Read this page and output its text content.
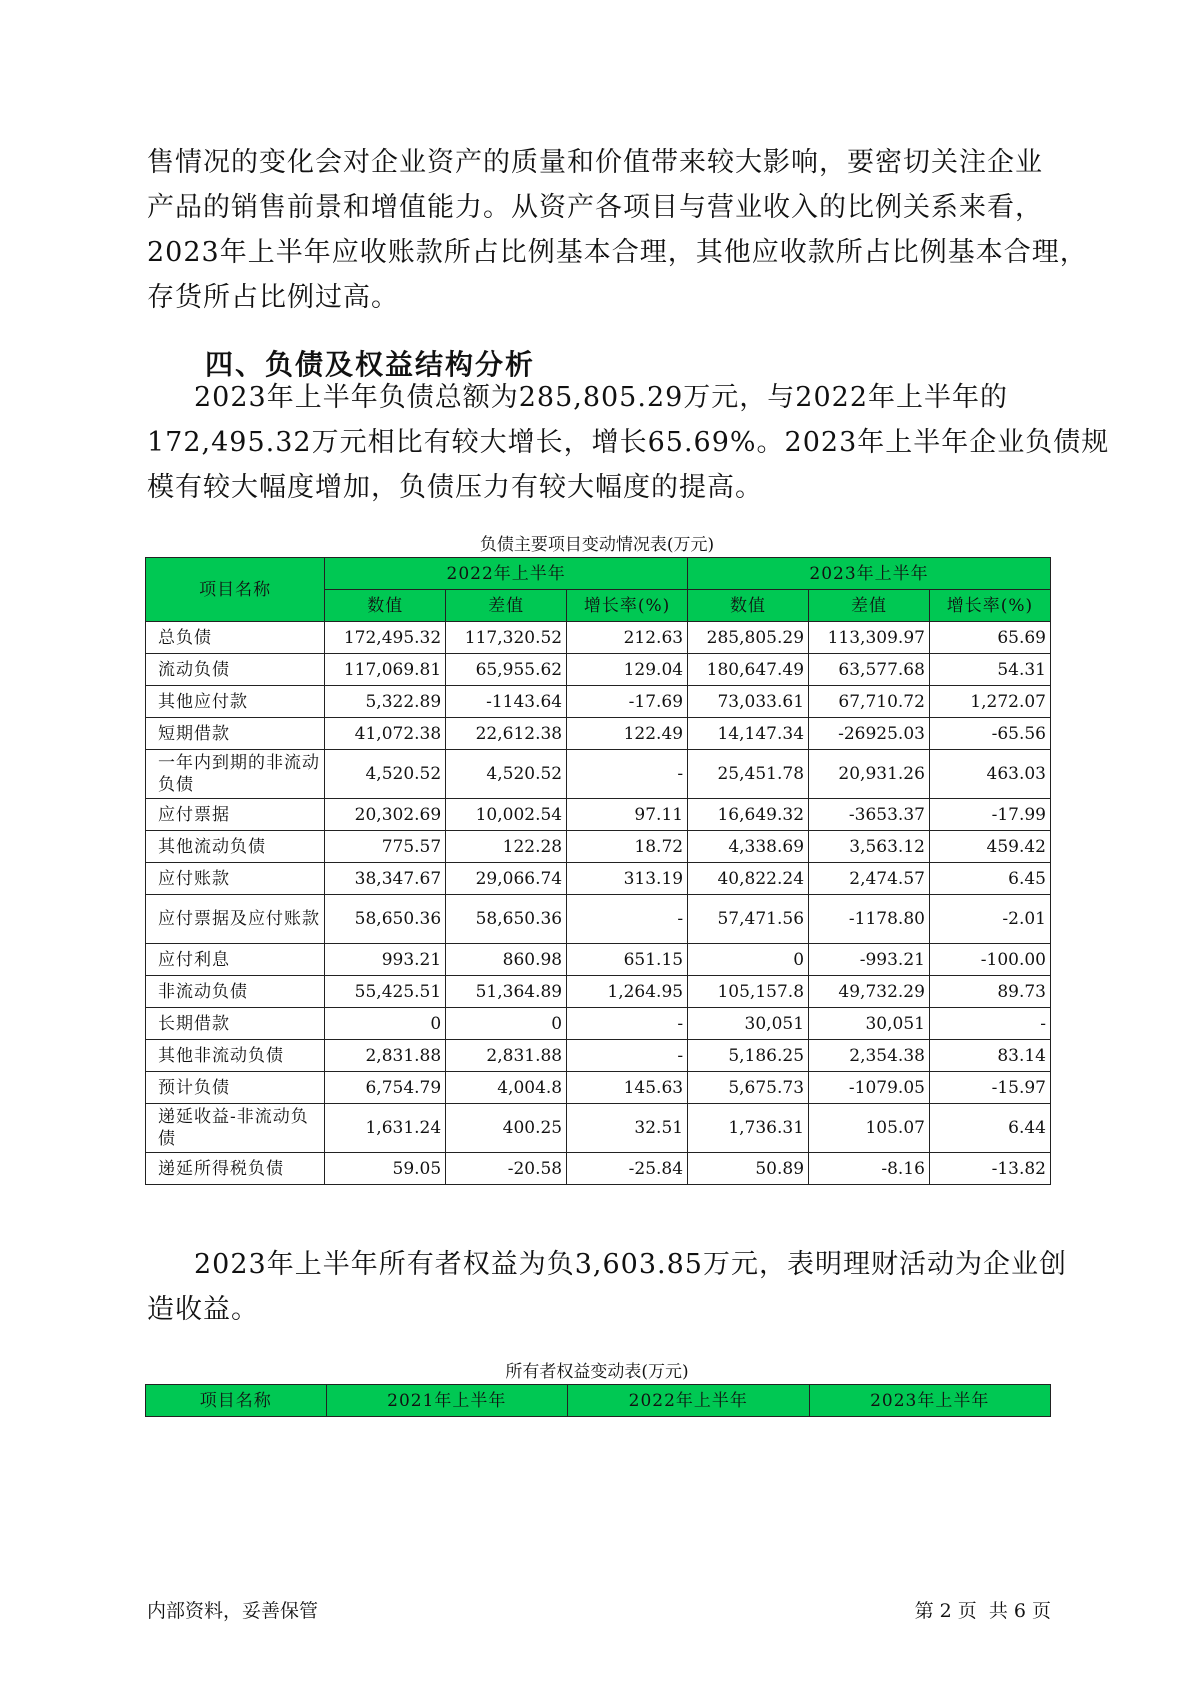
售情况的变化会对企业资产的质量和价值带来较大影响，要密切关注企业
产品的销售前景和增值能力。从资产各项目与营业收入的比例关系来看，
2023年上半年应收账款所占比例基本合理，其他应收款所占比例基本合理，
存货所占比例过高。

四、负债及权益结构分析

2023年上半年负债总额为285,805.29万元，与2022年上半年的
172,495.32万元相比有较大增长，增长65.69%。2023年上半年企业负债规
模有较大幅度增加，负债压力有较大幅度的提高。

负债主要项目变动情况表(万元)

项目名称	2022年上半年			2023年上半年		
	数值	差值	增长率(%)	数值	差值	增长率(%)
总负债	172,495.32	117,320.52	212.63	285,805.29	113,309.97	65.69
流动负债	117,069.81	65,955.62	129.04	180,647.49	63,577.68	54.31
其他应付款	5,322.89	-1143.64	-17.69	73,033.61	67,710.72	1,272.07
短期借款	41,072.38	22,612.38	122.49	14,147.34	-26925.03	-65.56
一年内到期的非流动负债	4,520.52	4,520.52	-	25,451.78	20,931.26	463.03
应付票据	20,302.69	10,002.54	97.11	16,649.32	-3653.37	-17.99
其他流动负债	775.57	122.28	18.72	4,338.69	3,563.12	459.42
应付账款	38,347.67	29,066.74	313.19	40,822.24	2,474.57	6.45
应付票据及应付账款	58,650.36	58,650.36	-	57,471.56	-1178.80	-2.01
应付利息	993.21	860.98	651.15	0	-993.21	-100.00
非流动负债	55,425.51	51,364.89	1,264.95	105,157.8	49,732.29	89.73
长期借款	0	0	-	30,051	30,051	-
其他非流动负债	2,831.88	2,831.88	-	5,186.25	2,354.38	83.14
预计负债	6,754.79	4,004.8	145.63	5,675.73	-1079.05	-15.97
递延收益-非流动负债	1,631.24	400.25	32.51	1,736.31	105.07	6.44
递延所得税负债	59.05	-20.58	-25.84	50.89	-8.16	-13.82

2023年上半年所有者权益为负3,603.85万元，表明理财活动为企业创
造收益。

所有者权益变动表(万元)

项目名称	2021年上半年	2022年上半年	2023年上半年

内部资料，妥善保管	第 2 页  共 6 页
